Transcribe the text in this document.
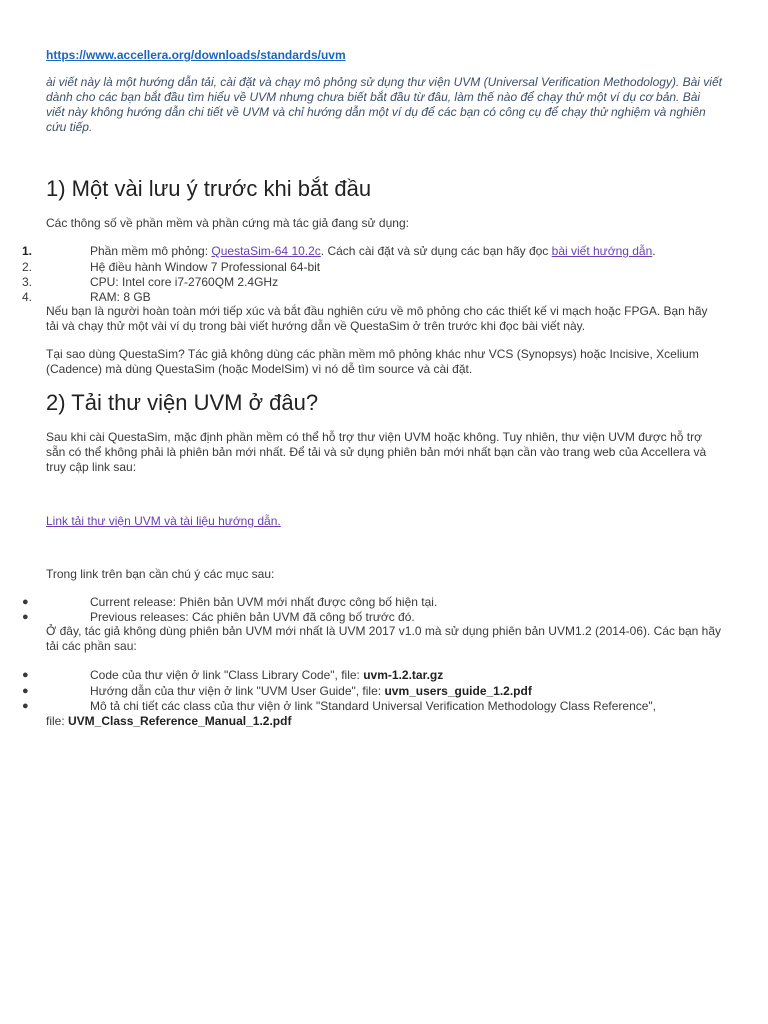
https://www.accellera.org/downloads/standards/uvm
ài viết này là một hướng dẫn tải, cài đặt và chạy mô phỏng sử dụng thư viện UVM (Universal Verification Methodology). Bài viết dành cho các bạn bắt đầu tìm hiểu về UVM nhưng chưa biết bắt đầu từ đâu, làm thế nào để chạy thử một ví dụ cơ bản. Bài viết này không hướng dẫn chi tiết về UVM và chỉ hướng dẫn một ví dụ để các bạn có công cụ để chạy thử nghiệm và nghiên cứu tiếp.
1) Một vài lưu ý trước khi bắt đầu
Các thông số về phần mềm và phần cứng mà tác giả đang sử dụng:
1.	Phần mềm mô phỏng: QuestaSim-64 10.2c. Cách cài đặt và sử dụng các bạn hãy đọc bài viết hướng dẫn.
2.	Hệ điều hành Window 7 Professional 64-bit
3.	CPU: Intel core i7-2760QM 2.4GHz
4.	RAM: 8 GB
Nếu bạn là người hoàn toàn mới tiếp xúc và bắt đầu nghiên cứu về mô phỏng cho các thiết kế vi mạch hoặc FPGA. Bạn hãy tải và chạy thử một vài ví dụ trong bài viết hướng dẫn về QuestaSim ở trên trước khi đọc bài viết này.
Tại sao dùng QuestaSim? Tác giả không dùng các phần mềm mô phỏng khác như VCS (Synopsys) hoặc Incisive, Xcelium (Cadence) mà dùng QuestaSim (hoặc ModelSim) vì nó dễ tìm source và cài đặt.
2) Tải thư viện UVM ở đâu?
Sau khi cài QuestaSim, mặc định phần mềm có thể hỗ trợ thư viện UVM hoặc không. Tuy nhiên, thư viện UVM được hỗ trợ sẵn có thể không phải là phiên bản mới nhất. Để tải và sử dụng phiên bản mới nhất bạn cần vào trang web của Accellera và truy cập link sau:
Link tải thư viện UVM và tài liệu hướng dẫn.
Trong link trên bạn cần chú ý các mục sau:
●	Current release: Phiên bản UVM mới nhất được công bố hiện tại.
●	Previous releases: Các phiên bản UVM đã công bố trước đó.
Ở đây, tác giả không dùng phiên bản UVM mới nhất là UVM 2017 v1.0 mà sử dụng phiên bản UVM1.2 (2014-06). Các bạn hãy tải các phần sau:
●	Code của thư viện ở link "Class Library Code", file: uvm-1.2.tar.gz
●	Hướng dẫn của thư viện ở link "UVM User Guide", file: uvm_users_guide_1.2.pdf
●	Mô tả chi tiết các class của thư viện ở link "Standard Universal Verification Methodology Class Reference",
file: UVM_Class_Reference_Manual_1.2.pdf
